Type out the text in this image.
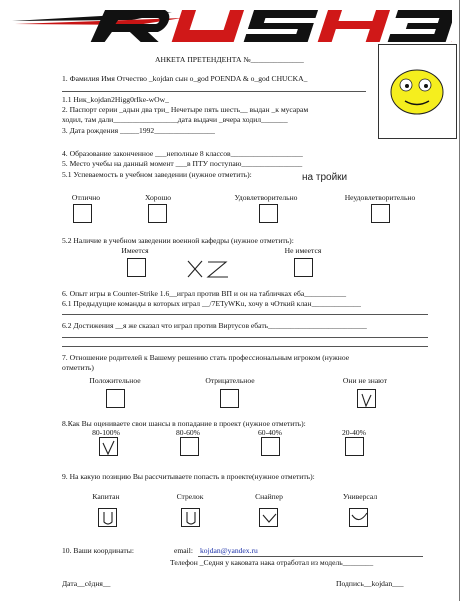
АНКЕТА ПРЕТЕНДЕНТА №______________
1. Фамилия Имя Отчество _kojdan сын o_god POENDA & o_god CHUCKA_
1.1 Ник_kojdan2Higg0rIke-wOw_
2. Паспорт серии _адын два три_ Нечетыре пять шесть__ выдан _к мусарам
ходил, там дали_________________дата выдачи _вчера ходил_______
3. Дата рождения _____1992________________
4. Образование законченное ___неполные 8 классов___________________
5. Место учебы на данный момент ___в ПТУ поступаю________________
5.1 Успеваемость в учебном заведении (нужное отметить):	на тройки
Отлично	Хорошо	Удовлетворительно	Неудовлетворительно
5.2 Наличие в учебном заведении военной кафедры (нужное отметить):
Имеется	Не имеется
6. Опыт игры в Counter-Strike 1.6__играл против ВП и он на табличках еба___________
6.1 Предыдущие команды в которых играл __/7ETyWKu, хочу в чОткий клан_____________
6.2 Достижения __я же сказал что играл против Виртусов ебать__________________________
7. Отношение родителей к Вашему решению стать профессиональным игроком (нужное
отметить)
Положительное	Отрицательное	Они не знают
8.Как Вы оцениваете свои шансы в попадание в проект (нужное отметить):
80-100%	80-60%	60-40%	20-40%
9. На какую позицию Вы рассчитываете попасть в проекте(нужное отметить):
Капитан	Стрелок	Снайпер	Универсал
10. Ваши координаты:	email: kojdan@yandex.ru
Телефон _Седня у каковата нака отработал из модель________
Дата__сёдня__	Подпись__kojdan___
